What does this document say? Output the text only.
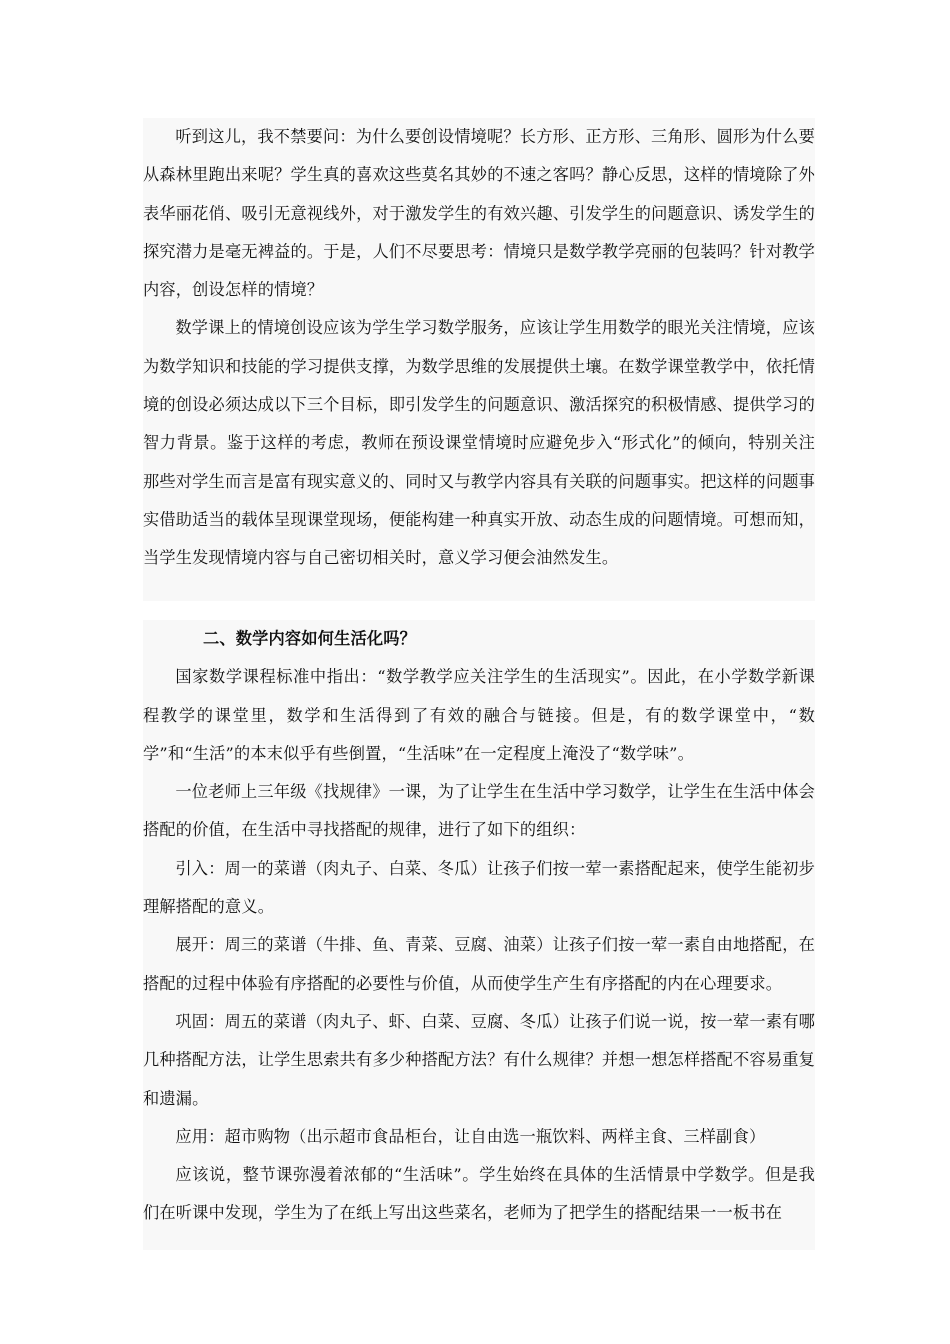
听到这儿，我不禁要问：为什么要创设情境呢？长方形、正方形、三角形、圆形为什么要从森林里跑出来呢？学生真的喜欢这些莫名其妙的不速之客吗？静心反思，这样的情境除了外表华丽花俏、吸引无意视线外，对于激发学生的有效兴趣、引发学生的问题意识、诱发学生的探究潜力是毫无裨益的。于是，人们不尽要思考：情境只是数学教学亮丽的包装吗？针对教学内容，创设怎样的情境？

数学课上的情境创设应该为学生学习数学服务，应该让学生用数学的眼光关注情境，应该为数学知识和技能的学习提供支撑，为数学思维的发展提供土壤。在数学课堂教学中，依托情境的创设必须达成以下三个目标，即引发学生的问题意识、激活探究的积极情感、提供学习的智力背景。鉴于这样的考虑，教师在预设课堂情境时应避免步入“形式化”的倾向，特别关注那些对学生而言是富有现实意义的、同时又与教学内容具有关联的问题事实。把这样的问题事实借助适当的载体呈现课堂现场，便能构建一种真实开放、动态生成的问题情境。可想而知，当学生发现情境内容与自己密切相关时，意义学习便会油然发生。

二、数学内容如何生活化吗？

国家数学课程标准中指出：“数学教学应关注学生的生活现实”。因此，在小学数学新课程教学的课堂里，数学和生活得到了有效的融合与链接。但是，有的数学课堂中，“数学”和“生活”的本末似乎有些倒置，“生活味”在一定程度上淹没了“数学味”。

一位老师上三年级《找规律》一课，为了让学生在生活中学习数学，让学生在生活中体会搭配的价值，在生活中寻找搭配的规律，进行了如下的组织：

引入：周一的菜谱（肉丸子、白菜、冬瓜）让孩子们按一荤一素搭配起来，使学生能初步理解搭配的意义。

展开：周三的菜谱（牛排、鱼、青菜、豆腐、油菜）让孩子们按一荤一素自由地搭配，在搭配的过程中体验有序搭配的必要性与价值，从而使学生产生有序搭配的内在心理要求。

巩固：周五的菜谱（肉丸子、虾、白菜、豆腐、冬瓜）让孩子们说一说，按一荤一素有哪几种搭配方法，让学生思索共有多少种搭配方法？有什么规律？并想一想怎样搭配不容易重复和遗漏。

应用：超市购物（出示超市食品柜台，让自由选一瓶饮料、两样主食、三样副食）

应该说，整节课弥漫着浓郁的“生活味”。学生始终在具体的生活情景中学数学。但是我们在听课中发现，学生为了在纸上写出这些菜名，老师为了把学生的搭配结果一一板书在
